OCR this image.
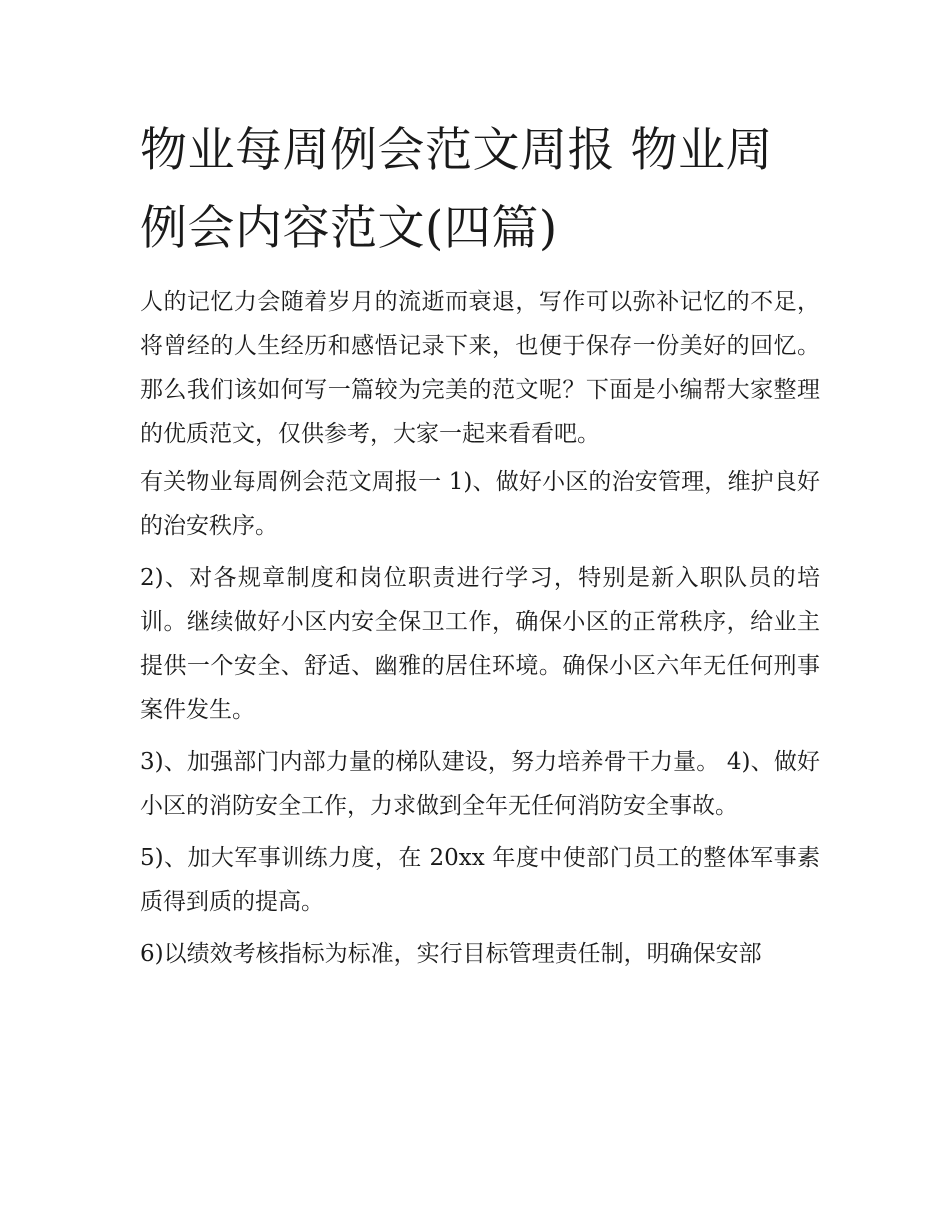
物业每周例会范文周报 物业周例会内容范文(四篇)

人的记忆力会随着岁月的流逝而衰退，写作可以弥补记忆的不足，将曾经的人生经历和感悟记录下来，也便于保存一份美好的回忆。那么我们该如何写一篇较为完美的范文呢？下面是小编帮大家整理的优质范文，仅供参考，大家一起来看看吧。

有关物业每周例会范文周报一 1)、做好小区的治安管理，维护良好的治安秩序。

2)、对各规章制度和岗位职责进行学习，特别是新入职队员的培训。继续做好小区内安全保卫工作，确保小区的正常秩序，给业主提供一个安全、舒适、幽雅的居住环境。确保小区六年无任何刑事案件发生。

3)、加强部门内部力量的梯队建设，努力培养骨干力量。 4)、做好小区的消防安全工作，力求做到全年无任何消防安全事故。

5)、加大军事训练力度，在 20xx 年度中使部门员工的整体军事素质得到质的提高。

6)以绩效考核指标为标准，实行目标管理责任制，明确保安部
